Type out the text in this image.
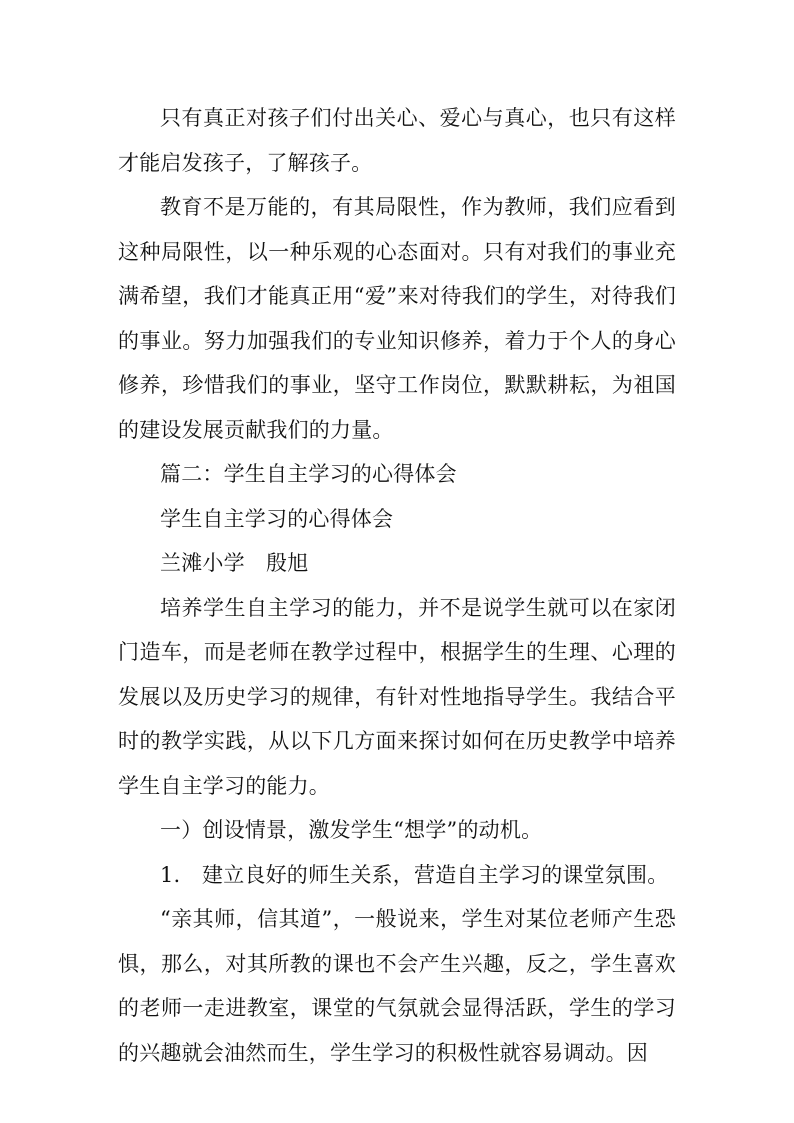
只有真正对孩子们付出关心、爱心与真心，也只有这样才能启发孩子，了解孩子。

教育不是万能的，有其局限性，作为教师，我们应看到这种局限性，以一种乐观的心态面对。只有对我们的事业充满希望，我们才能真正用“爱”来对待我们的学生，对待我们的事业。努力加强我们的专业知识修养，着力于个人的身心修养，珍惜我们的事业，坚守工作岗位，默默耕耘，为祖国的建设发展贡献我们的力量。

篇二：学生自主学习的心得体会

学生自主学习的心得体会

兰滩小学　殷旭

培养学生自主学习的能力，并不是说学生就可以在家闭门造车，而是老师在教学过程中，根据学生的生理、心理的发展以及历史学习的规律，有针对性地指导学生。我结合平时的教学实践，从以下几方面来探讨如何在历史教学中培养学生自主学习的能力。

一）创设情景，激发学生“想学”的动机。

1. 建立良好的师生关系，营造自主学习的课堂氛围。

“亲其师，信其道”，一般说来，学生对某位老师产生恐惧，那么，对其所教的课也不会产生兴趣，反之，学生喜欢的老师一走进教室，课堂的气氛就会显得活跃，学生的学习的兴趣就会油然而生，学生学习的积极性就容易调动。因
